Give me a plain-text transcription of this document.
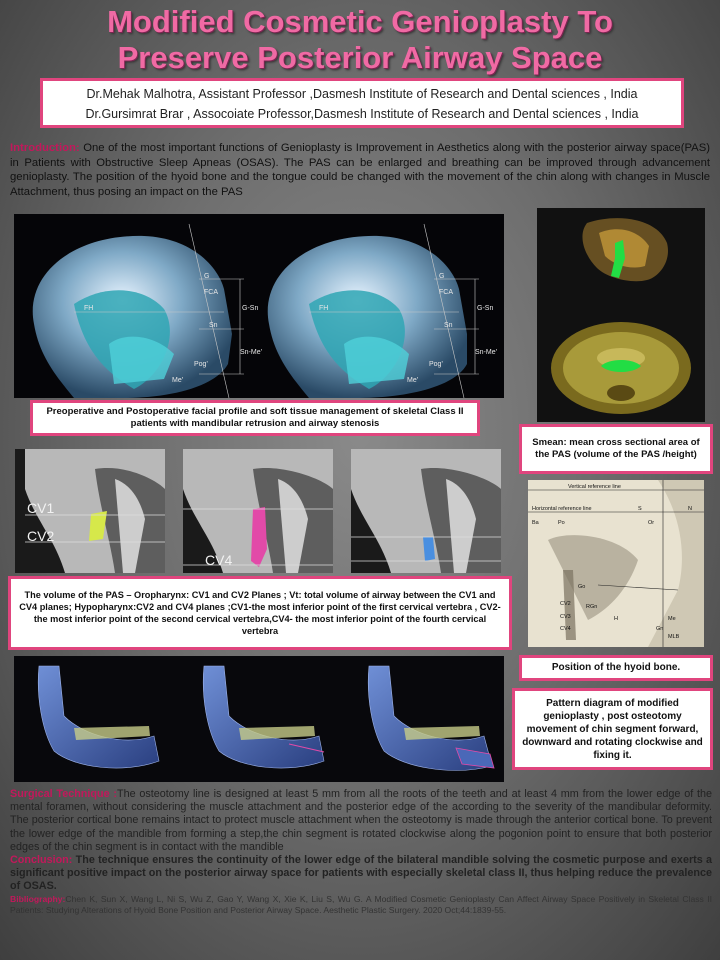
Modified Cosmetic Genioplasty To
Preserve Posterior Airway Space
Dr.Mehak Malhotra, Assistant Professor ,Dasmesh Institute of Research and Dental sciences , India
Dr.Gursimrat Brar , Assocoiate Professor,Dasmesh Institute of Research and Dental sciences , India
Introduction: One of the most important functions of Genioplasty is Improvement in Aesthetics along with the posterior airway space(PAS) in Patients with Obstructive Sleep Apneas (OSAS). The PAS can be enlarged and breathing can be improved through advancement genioplasty. The position of the hyoid bone and the tongue could be changed with the movement of the chin along with changes in Muscle Attachment, thus posing an impact on the PAS
G
FCA
G-Sn
FH
Sn
Sn-Me'
Pog'
Me'
G
FCA
G-Sn
FH
Sn
Sn-Me'
Pog'
Me'
Preoperative and Postoperative facial profile and soft tissue management of skeletal Class II patients with mandibular retrusion and airway stenosis
Smean: mean cross sectional area of the PAS (volume of the PAS /height)
CV1
CV2
CV4
The volume of the PAS – Oropharynx: CV1 and CV2 Planes ; Vt: total volume of airway between the CV1 and CV4 planes; Hypopharynx:CV2 and CV4 planes ;CV1-the most inferior point of the first cervical vertebra , CV2- the most inferior point of the second cervical vertebra,CV4- the most inferior point of the fourth cervical vertebra
Vertical reference line
Horizontal reference line	S
Ba	Po	Or
N
Go
CV2
CV3
CV4
RGn
Me
Gn
H
MLB
Position of the hyoid bone.
Pattern diagram of modified genioplasty , post osteotomy movement of chin segment forward, downward and rotating clockwise and fixing it.

Surgical Technique :The osteotomy line is designed at least 5 mm from all the roots of the teeth and at least 4 mm from the lower edge of the mental foramen, without considering the muscle attachment and the posterior edge of the according to the severity of the mandibular deformity. The posterior cortical bone remains intact to protect muscle attachment when the osteotomy is made through the anterior cortical bone. To prevent the lower edge of the mandible from forming a step,the chin segment is rotated clockwise along the pogonion point to ensure that both posterior edges of the chin segment is in contact with the mandible

Conclusion: The technique ensures the continuity of the lower edge of the bilateral mandible solving the cosmetic purpose and exerts a significant positive impact on the posterior airway space for patients with especially skeletal class II, thus helping reduce the prevalence of OSAS.

Bibliography:Chen K, Sun X, Wang L, Ni S, Wu Z, Gao Y, Wang X, Xie K, Liu S, Wu G. A Modified Cosmetic Genioplasty Can Affect Airway Space Positively in Skeletal Class II Patients: Studying Alterations of Hyoid Bone Position and Posterior Airway Space. Aesthetic Plastic Surgery. 2020 Oct;44:1839-55.
